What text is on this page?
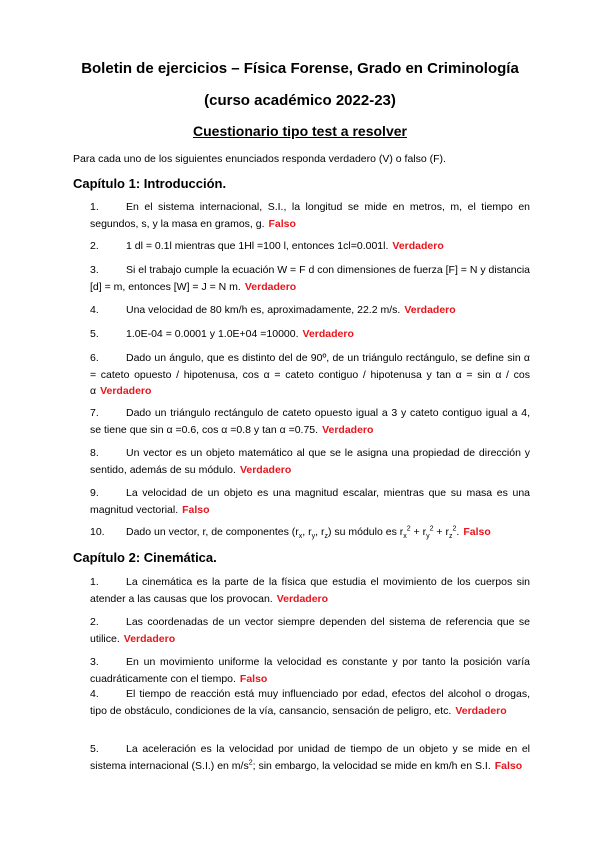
Boletin de ejercicios – Física Forense, Grado en Criminología
(curso académico 2022-23)
Cuestionario tipo test a resolver
Para cada uno de los siguientes enunciados responda verdadero (V) o falso (F).
Capítulo 1: Introducción.
1.	En el sistema internacional, S.I., la longitud se mide en metros, m, el tiempo en segundos, s, y la masa en gramos, g. Falso
2.	1 dl = 0.1l mientras que 1Hl =100 l, entonces 1cl=0.001l. Verdadero
3.	Si el trabajo cumple la ecuación W = F d con dimensiones de fuerza [F] = N y distancia [d] = m, entonces [W] = J = N m. Verdadero
4.	Una velocidad de 80 km/h es, aproximadamente, 22.2 m/s. Verdadero
5.	1.0E-04 = 0.0001 y 1.0E+04 =10000. Verdadero
6.	Dado un ángulo, que es distinto del de 90º, de un triángulo rectángulo, se define sin α = cateto opuesto / hipotenusa, cos α = cateto contiguo / hipotenusa y tan α = sin α / cos α Verdadero
7.	Dado un triángulo rectángulo de cateto opuesto igual a 3 y cateto contiguo igual a 4, se tiene que sin α =0.6, cos α =0.8 y tan α =0.75. Verdadero
8.	Un vector es un objeto matemático al que se le asigna una propiedad de dirección y sentido, además de su módulo. Verdadero
9.	La velocidad de un objeto es una magnitud escalar, mientras que su masa es una magnitud vectorial. Falso
10. Dado un vector, r, de componentes ($r_x$, $r_y$, $r_z$) su módulo es $r_x^2 + r_y^2 + r_z^2$. Falso
Capítulo 2: Cinemática.
1.	La cinemática es la parte de la física que estudia el movimiento de los cuerpos sin atender a las causas que los provocan. Verdadero
2.	Las coordenadas de un vector siempre dependen del sistema de referencia que se utilice. Verdadero
3.	En un movimiento uniforme la velocidad es constante y por tanto la posición varía cuadráticamente con el tiempo. Falso
4.	El tiempo de reacción está muy influenciado por edad, efectos del alcohol o drogas, tipo de obstáculo, condiciones de la vía, cansancio, sensación de peligro, etc. Verdadero
5.	La aceleración es la velocidad por unidad de tiempo de un objeto y se mide en el sistema internacional (S.I.) en $m/s^2$; sin embargo, la velocidad se mide en km/h en S.I. Falso
